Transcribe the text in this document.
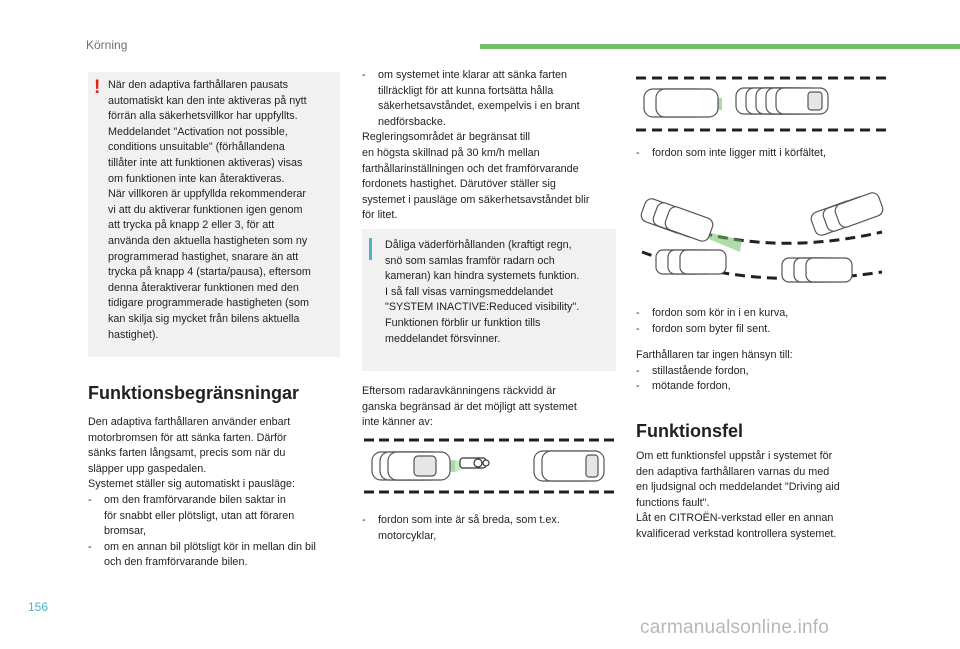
Körning
! När den adaptiva farthållaren pausats

automatiskt kan den inte aktiveras på nytt

förrän alla säkerhetsvillkor har uppfyllts.

Meddelandet "Activation not possible,

conditions unsuitable" (förhållandena

tillåter inte att funktionen aktiveras) visas

om funktionen inte kan återaktiveras.

När villkoren är uppfyllda rekommenderar

vi att du aktiverar funktionen igen genom

att trycka på knapp 2 eller 3, för att

använda den aktuella hastigheten som ny

programmerad hastighet, snarare än att

trycka på knapp 4 (starta/pausa), eftersom

denna återaktiverar funktionen med den

tidigare programmerade hastigheten (som

kan skilja sig mycket från bilens aktuella

hastighet).

Funktionsbegränsningar

Den adaptiva farthållaren använder enbart

motorbromsen för att sänka farten. Därför

sänks farten långsamt, precis som när du

släpper upp gaspedalen.

Systemet ställer sig automatiskt i pausläge:

-	om den framförvarande bilen saktar in

för snabbt eller plötsligt, utan att föraren

bromsar,

-	om en annan bil plötsligt kör in mellan din bil

och den framförvarande bilen.

-	om systemet inte klarar att sänka farten

tillräckligt för att kunna fortsätta hålla

säkerhetsavståndet, exempelvis i en brant

nedförsbacke.

Regleringsområdet är begränsat till

en högsta skillnad på 30 km/h mellan

farthållarinställningen och det framförvarande

fordonets hastighet. Därutöver ställer sig

systemet i pausläge om säkerhetsavståndet blir

för litet.

Dåliga väderförhållanden (kraftigt regn,

snö som samlas framför radarn och

kameran) kan hindra systemets funktion.

I så fall visas varningsmeddelandet

"SYSTEM INACTIVE:Reduced visibility".

Funktionen förblir ur funktion tills

meddelandet försvinner.

Eftersom radaravkänningens räckvidd är

ganska begränsad är det möjligt att systemet

inte känner av:

-	fordon som inte är så breda, som t.ex.

motorcyklar,

-	fordon som inte ligger mitt i körfältet,

-	fordon som kör in i en kurva,

-	fordon som byter fil sent.

Farthållaren tar ingen hänsyn till:

-	stillastående fordon,

-	mötande fordon,

Funktionsfel

Om ett funktionsfel uppstår i systemet för

den adaptiva farthållaren varnas du med

en ljudsignal och meddelandet "Driving aid

functions fault".

Låt en CITROËN-verkstad eller en annan

kvalificerad verkstad kontrollera systemet.

156
carmanualsonline.info
